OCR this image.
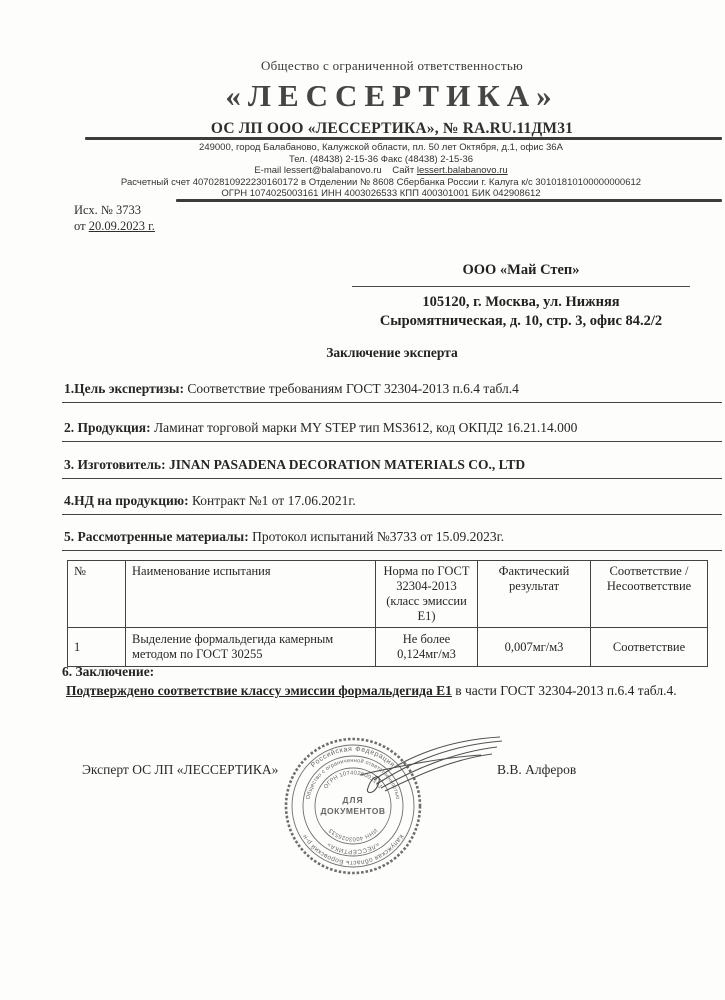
Общество с ограниченной ответственностью
«ЛЕССЕРТИКА»
ОС ЛП ООО «ЛЕССЕРТИКА», № RA.RU.11ДМ31
249000, город Балабаново, Калужской области, пл. 50 лет Октября, д.1, офис 36А
Тел. (48438) 2-15-36 Факс (48438) 2-15-36
E-mail lessert@balabanovo.ru Сайт lessert.balabanovo.ru
Расчетный счет 40702810922230160172 в Отделении № 8608 Сбербанка России г. Калуга к/с 30101810100000000612
ОГРН 1074025003161 ИНН 4003026533 КПП 400301001 БИК 042908612
Исх. № 3733
от 20.09.2023 г.
ООО «Май Степ»
105120, г. Москва, ул. Нижняя
Сыромятническая, д. 10, стр. 3, офис 84.2/2
Заключение эксперта
1.Цель экспертизы: Соответствие требованиям ГОСТ 32304-2013 п.6.4 табл.4
2. Продукция: Ламинат торговой марки MY STEP тип MS3612, код ОКПД2 16.21.14.000
3. Изготовитель: JINAN PASADENA DECORATION MATERIALS CO., LTD
4.НД на продукцию: Контракт №1 от 17.06.2021г.
5. Рассмотренные материалы: Протокол испытаний №3733 от 15.09.2023г.
№	Наименование испытания	Норма по ГОСТ 32304-2013 (класс эмиссии Е1)	Фактический результат	Соответствие / Несоответствие
1	Выделение формальдегида камерным методом по ГОСТ 30255	Не более 0,124мг/м3	0,007мг/м3	Соответствие
6. Заключение:
Подтверждено соответствие классу эмиссии формальдегида Е1 в части ГОСТ 32304-2013 п.6.4 табл.4.
Эксперт ОС ЛП «ЛЕССЕРТИКА»	В.В. Алферов
Российская Федерация
Калужская область Боровский р-н
Общество с ограниченной ответственностью
«ЛЕССЕРТИКА»
ОГРН 1074025003161
ИНН 4003026533
ДЛЯ
ДОКУМЕНТОВ
